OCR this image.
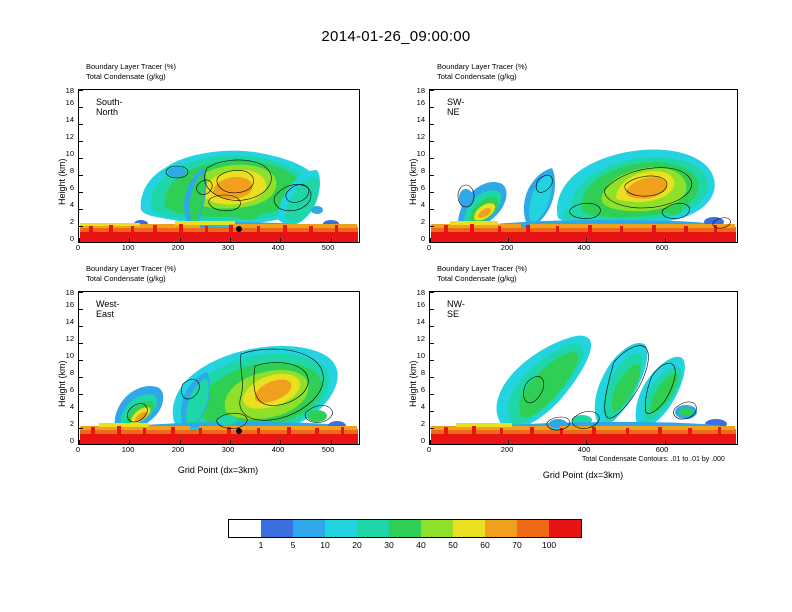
2014-01-26_09:00:00
Boundary Layer Tracer (%)
Total Condensate (g/kg)
Height (km)
0
2
4
6
8
10
12
14
16
18
South-North
0	100	200	300	400	500
Boundary Layer Tracer (%)
Total Condensate (g/kg)
Height (km)
0
2
4
6
8
10
12
14
16
18
SW-NE
0	200	400	600
Boundary Layer Tracer (%)
Total Condensate (g/kg)
Height (km)
0
2
4
6
8
10
12
14
16
18
West-East
0	100	200	300	400	500
Grid Point (dx=3km)
Boundary Layer Tracer (%)
Total Condensate (g/kg)
Height (km)
0
2
4
6
8
10
12
14
16
18
NW-SE
0	200	400	600
Total Condensate Contours: .01 to .01 by .000
Grid Point (dx=3km)
1	5	10	20	30	40	50	60	70	100
